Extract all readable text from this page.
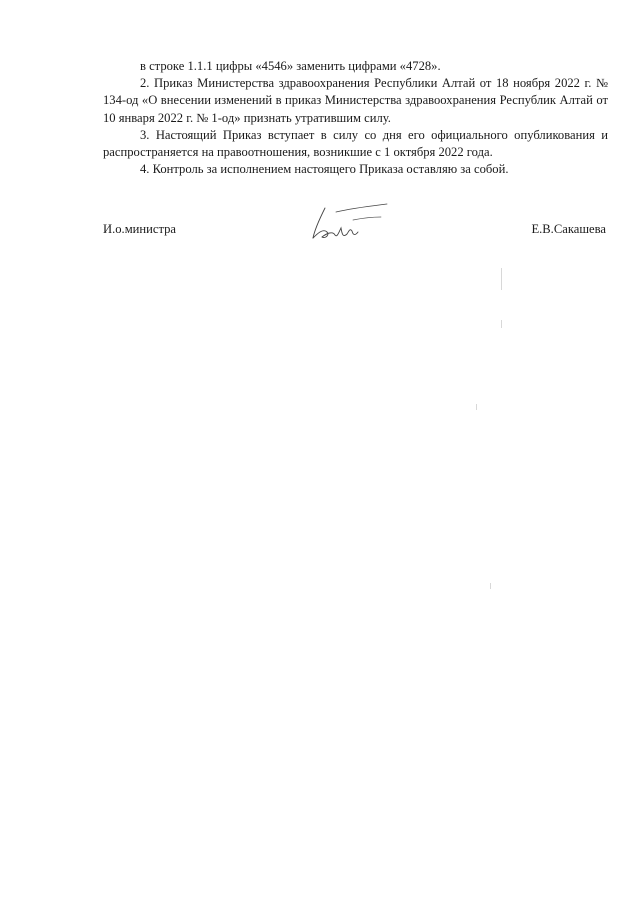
в строке 1.1.1 цифры «4546» заменить цифрами «4728».

2. Приказ Министерства здравоохранения Республики Алтай от 18 ноября 2022 г. № 134-од «О внесении изменений в приказ Министерства здравоохранения Республик Алтай от 10 января 2022 г. № 1-од» признать утратившим силу.

3. Настоящий Приказ вступает в силу со дня его официального опубликования и распространяется на правоотношения, возникшие с 1 октября 2022 года.

4. Контроль за исполнением настоящего Приказа оставляю за собой.

И.о.министра	Е.В.Сакашева
